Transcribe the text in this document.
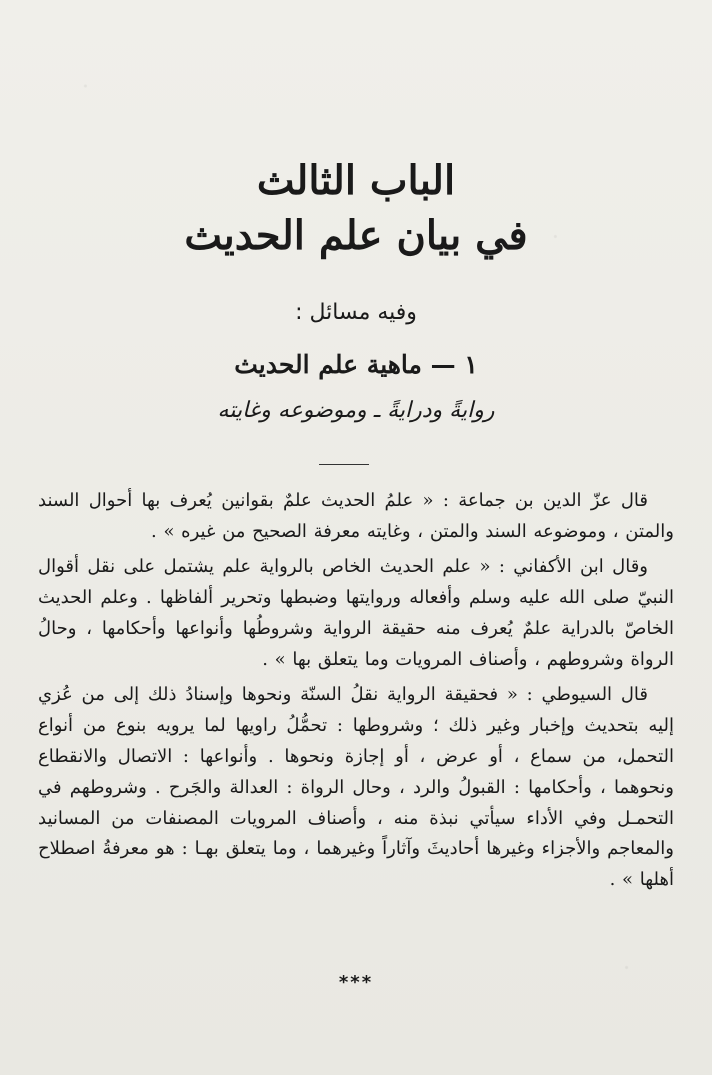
الباب الثالث
في بيان علم الحديث
وفيه مسائل :
١ — ماهية علم الحديث
روايةً ودرايةً ـ وموضوعه وغايته

قال عزّ الدين بن جماعة : « علمُ الحديث علمٌ بقوانين يُعرف بها أحوال السند والمتن ، وموضوعه السند والمتن ، وغايته معرفة الصحيح من غيره » .

وقال ابن الأكفاني : « علم الحديث الخاص بالرواية علم يشتمل على نقل أقوال النبيّ صلى الله عليه وسلم وأفعاله وروايتها وضبطها وتحرير ألفاظها . وعلم الحديث الخاصّ بالدراية علمٌ يُعرف منه حقيقة الرواية وشروطُها وأنواعها وأحكامها ، وحالُ الرواة وشروطهم ، وأصناف المرويات وما يتعلق بها » .

قال السيوطي : « فحقيقة الرواية نقلُ السنّة ونحوها وإسنادُ ذلك إلى من عُزي إليه بتحديث وإخبار وغير ذلك ؛ وشروطها : تحمُّلُ راويها لما يرويه بنوع من أنواع التحمل، من سماع ، أو عرض ، أو إجازة ونحوها . وأنواعها : الاتصال والانقطاع ونحوهما ، وأحكامها : القبولُ والرد ، وحال الرواة : العدالة والجَرح . وشروطهم في التحمـل وفي الأداء سيأتي نبذة منه ، وأصناف المرويات المصنفات من المسانيد والمعاجم والأجزاء وغيرها أحاديثَ وآثاراً وغيرهما ، وما يتعلق بهـا : هو معرفةُ اصطلاح أهلها » .

***
